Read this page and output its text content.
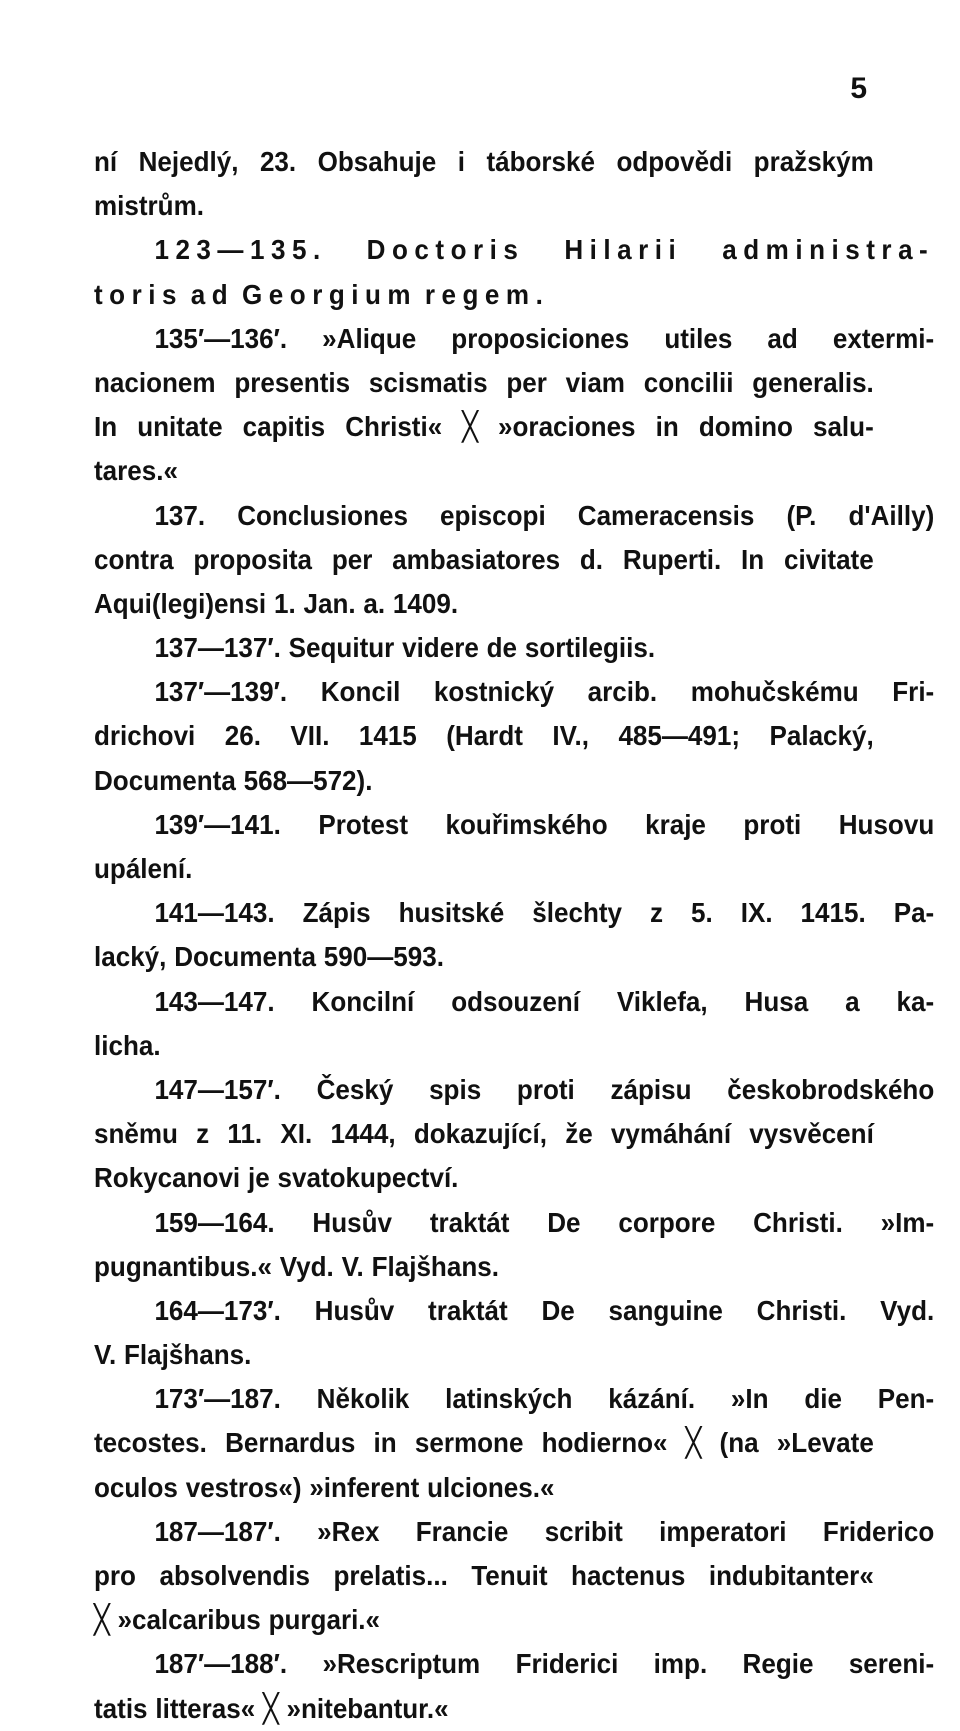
5
ní Nejedlý, 23. Obsahuje i táborské odpovědi pražským
mistrům.
123—135. Doctoris Hilarii administra-
toris ad Georgium regem.
135′—136′. »Alique proposiciones utiles ad extermi-
nacionem presentis scismatis per viam concilii generalis.
In unitate capitis Christi« ╳ »oraciones in domino salu-
tares.«
137. Conclusiones episcopi Cameracensis (P. d'Ailly)
contra proposita per ambasiatores d. Ruperti. In civitate
Aqui(legi)ensi 1. Jan. a. 1409.
137—137′. Sequitur videre de sortilegiis.
137′—139′. Koncil kostnický arcib. mohučskému Fri-
drichovi 26. VII. 1415 (Hardt IV., 485—491; Palacký,
Documenta 568—572).
139′—141. Protest kouřimského kraje proti Husovu
upálení.
141—143. Zápis husitské šlechty z 5. IX. 1415. Pa-
lacký, Documenta 590—593.
143—147. Koncilní odsouzení Viklefa, Husa a ka-
licha.
147—157′. Český spis proti zápisu českobrodského
sněmu z 11. XI. 1444, dokazující, že vymáhání vysvěcení
Rokycanovi je svatokupectví.
159—164. Husův traktát De corpore Christi. »Im-
pugnantibus.« Vyd. V. Flajšhans.
164—173′. Husův traktát De sanguine Christi. Vyd.
V. Flajšhans.
173′—187. Několik latinských kázání. »In die Pen-
tecostes. Bernardus in sermone hodierno« ╳ (na »Levate
oculos vestros«) »inferent ulciones.«
187—187′. »Rex Francie scribit imperatori Friderico
pro absolvendis prelatis... Tenuit hactenus indubitanter«
╳ »calcaribus purgari.«
187′—188′. »Rescriptum Friderici imp. Regie sereni-
tatis litteras« ╳ »nitebantur.«
